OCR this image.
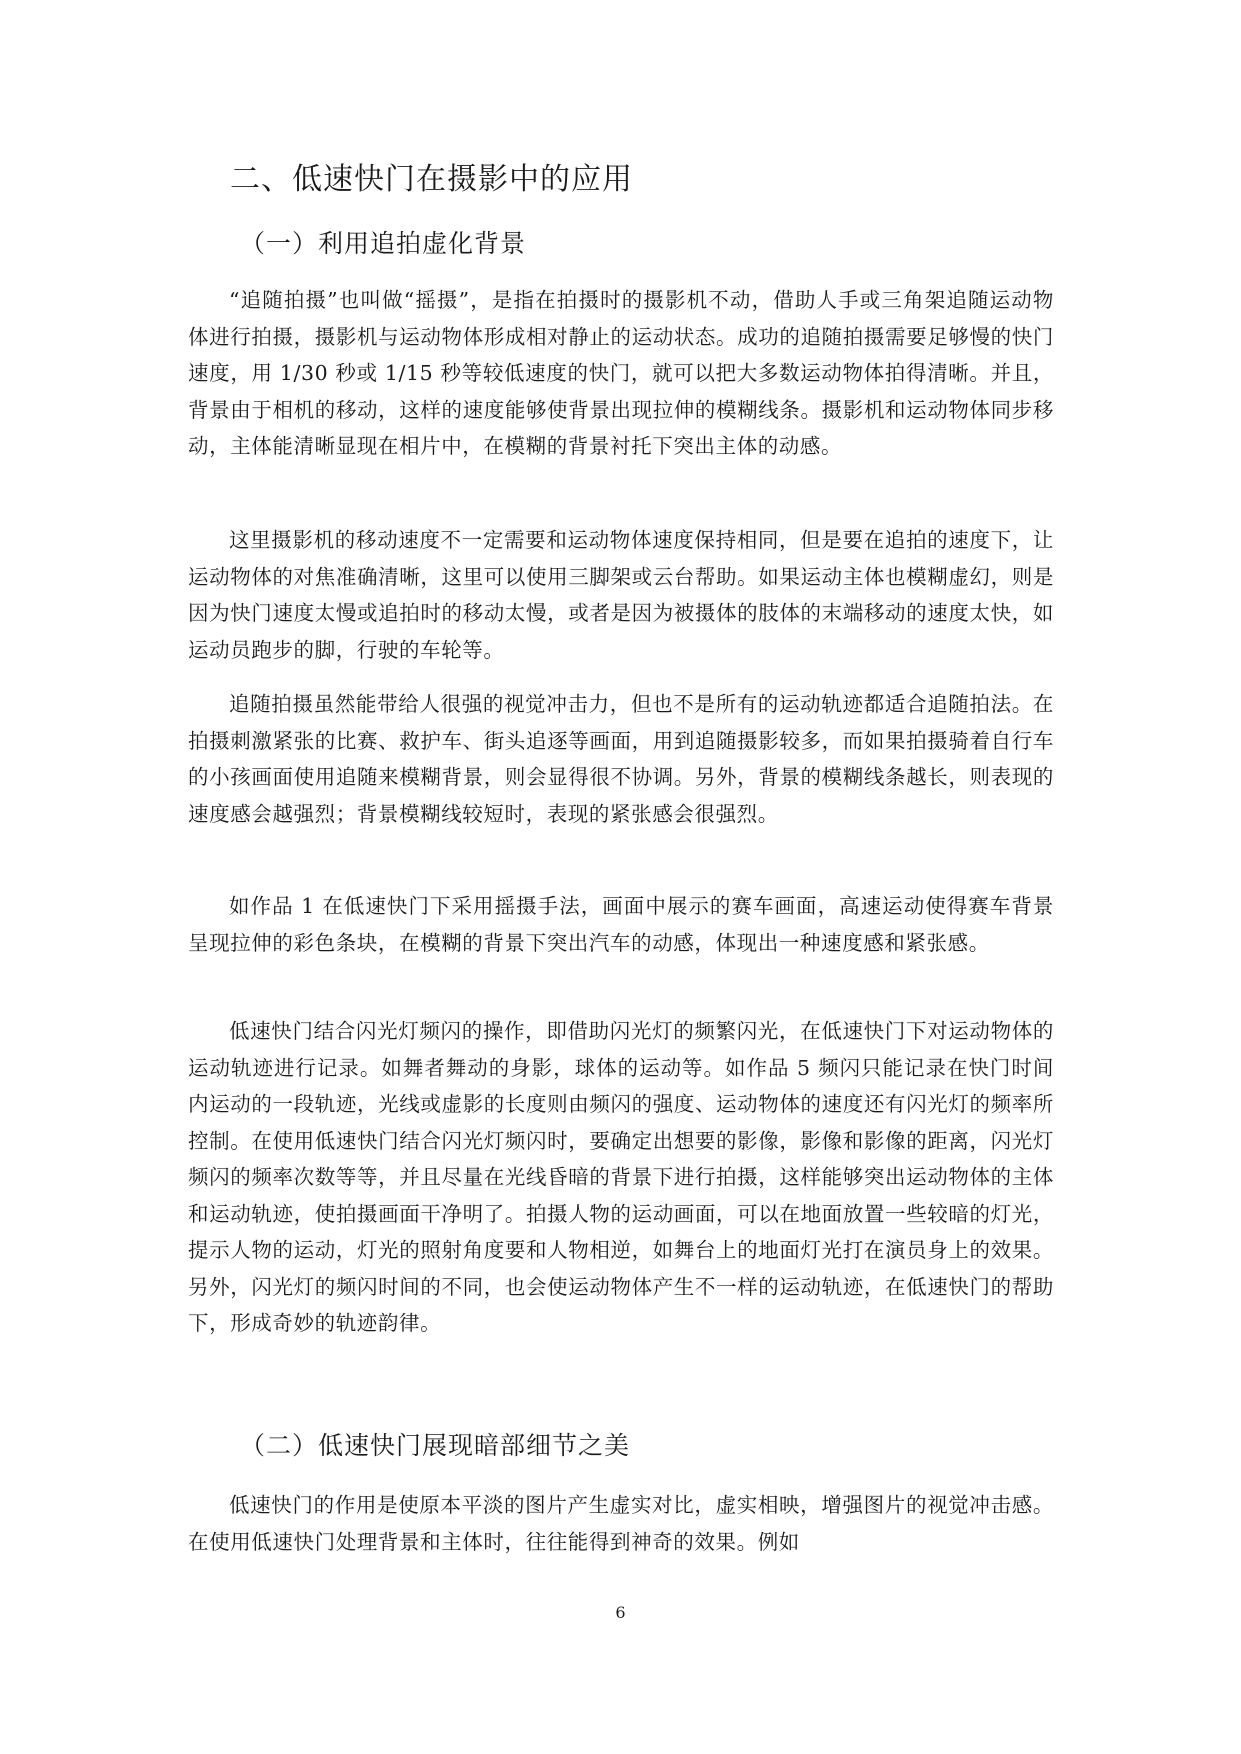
二、低速快门在摄影中的应用
（一）利用追拍虚化背景

“追随拍摄”也叫做“摇摄”，是指在拍摄时的摄影机不动，借助人手或三角架追随运动物体进行拍摄，摄影机与运动物体形成相对静止的运动状态。成功的追随拍摄需要足够慢的快门速度，用 1/30 秒或 1/15 秒等较低速度的快门，就可以把大多数运动物体拍得清晰。并且，背景由于相机的移动，这样的速度能够使背景出现拉伸的模糊线条。摄影机和运动物体同步移动，主体能清晰显现在相片中，在模糊的背景衬托下突出主体的动感。

这里摄影机的移动速度不一定需要和运动物体速度保持相同，但是要在追拍的速度下，让运动物体的对焦准确清晰，这里可以使用三脚架或云台帮助。如果运动主体也模糊虚幻，则是因为快门速度太慢或追拍时的移动太慢，或者是因为被摄体的肢体的末端移动的速度太快，如运动员跑步的脚，行驶的车轮等。

追随拍摄虽然能带给人很强的视觉冲击力，但也不是所有的运动轨迹都适合追随拍法。在拍摄刺激紧张的比赛、救护车、街头追逐等画面，用到追随摄影较多，而如果拍摄骑着自行车的小孩画面使用追随来模糊背景，则会显得很不协调。另外，背景的模糊线条越长，则表现的速度感会越强烈；背景模糊线较短时，表现的紧张感会很强烈。

如作品 1 在低速快门下采用摇摄手法，画面中展示的赛车画面，高速运动使得赛车背景呈现拉伸的彩色条块，在模糊的背景下突出汽车的动感，体现出一种速度感和紧张感。

低速快门结合闪光灯频闪的操作，即借助闪光灯的频繁闪光，在低速快门下对运动物体的运动轨迹进行记录。如舞者舞动的身影，球体的运动等。如作品 5 频闪只能记录在快门时间内运动的一段轨迹，光线或虚影的长度则由频闪的强度、运动物体的速度还有闪光灯的频率所控制。在使用低速快门结合闪光灯频闪时，要确定出想要的影像，影像和影像的距离，闪光灯频闪的频率次数等等，并且尽量在光线昏暗的背景下进行拍摄，这样能够突出运动物体的主体和运动轨迹，使拍摄画面干净明了。拍摄人物的运动画面，可以在地面放置一些较暗的灯光，提示人物的运动，灯光的照射角度要和人物相逆，如舞台上的地面灯光打在演员身上的效果。另外，闪光灯的频闪时间的不同，也会使运动物体产生不一样的运动轨迹，在低速快门的帮助下，形成奇妙的轨迹韵律。

（二）低速快门展现暗部细节之美

低速快门的作用是使原本平淡的图片产生虚实对比，虚实相映，增强图片的视觉冲击感。在使用低速快门处理背景和主体时，往往能得到神奇的效果。例如

6
